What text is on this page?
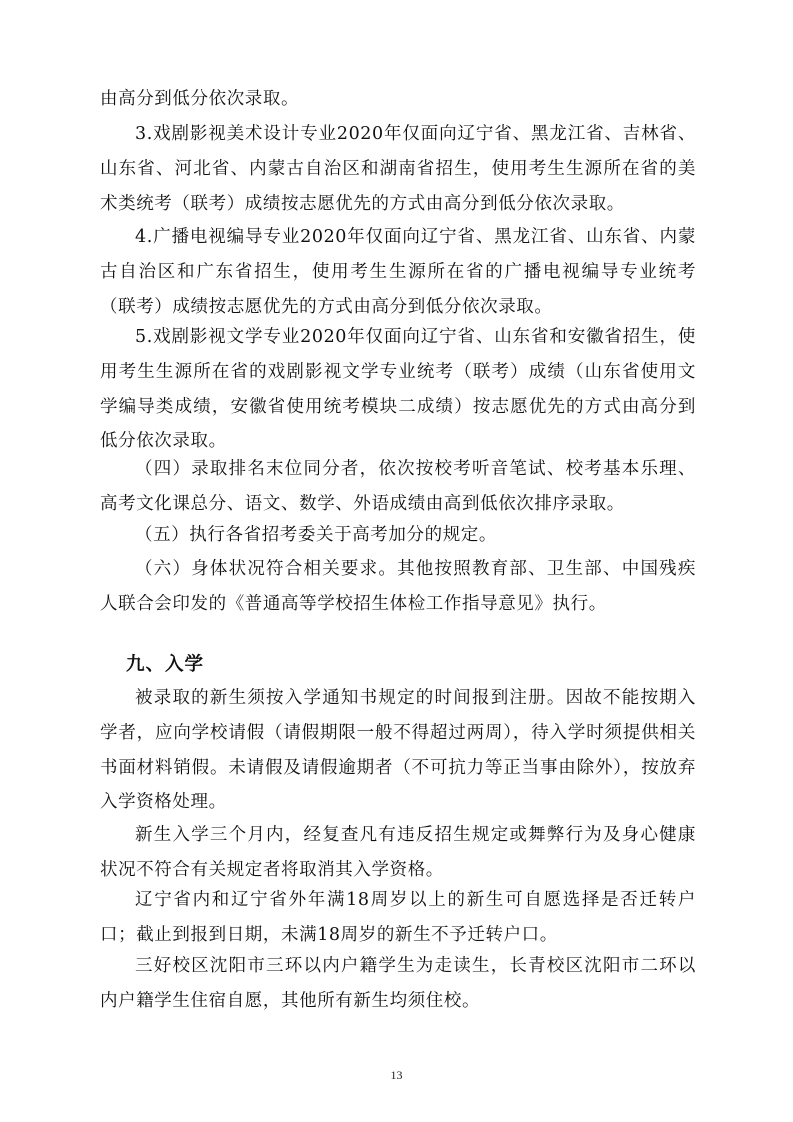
由高分到低分依次录取。

3.戏剧影视美术设计专业2020年仅面向辽宁省、黑龙江省、吉林省、山东省、河北省、内蒙古自治区和湖南省招生，使用考生生源所在省的美术类统考（联考）成绩按志愿优先的方式由高分到低分依次录取。

4.广播电视编导专业2020年仅面向辽宁省、黑龙江省、山东省、内蒙古自治区和广东省招生，使用考生生源所在省的广播电视编导专业统考（联考）成绩按志愿优先的方式由高分到低分依次录取。

5.戏剧影视文学专业2020年仅面向辽宁省、山东省和安徽省招生，使用考生生源所在省的戏剧影视文学专业统考（联考）成绩（山东省使用文学编导类成绩，安徽省使用统考模块二成绩）按志愿优先的方式由高分到低分依次录取。

（四）录取排名末位同分者，依次按校考听音笔试、校考基本乐理、高考文化课总分、语文、数学、外语成绩由高到低依次排序录取。

（五）执行各省招考委关于高考加分的规定。

（六）身体状况符合相关要求。其他按照教育部、卫生部、中国残疾人联合会印发的《普通高等学校招生体检工作指导意见》执行。

九、入学

被录取的新生须按入学通知书规定的时间报到注册。因故不能按期入学者，应向学校请假（请假期限一般不得超过两周），待入学时须提供相关书面材料销假。未请假及请假逾期者（不可抗力等正当事由除外），按放弃入学资格处理。

新生入学三个月内，经复查凡有违反招生规定或舞弊行为及身心健康状况不符合有关规定者将取消其入学资格。

辽宁省内和辽宁省外年满18周岁以上的新生可自愿选择是否迁转户口；截止到报到日期，未满18周岁的新生不予迁转户口。

三好校区沈阳市三环以内户籍学生为走读生，长青校区沈阳市二环以内户籍学生住宿自愿，其他所有新生均须住校。

13
